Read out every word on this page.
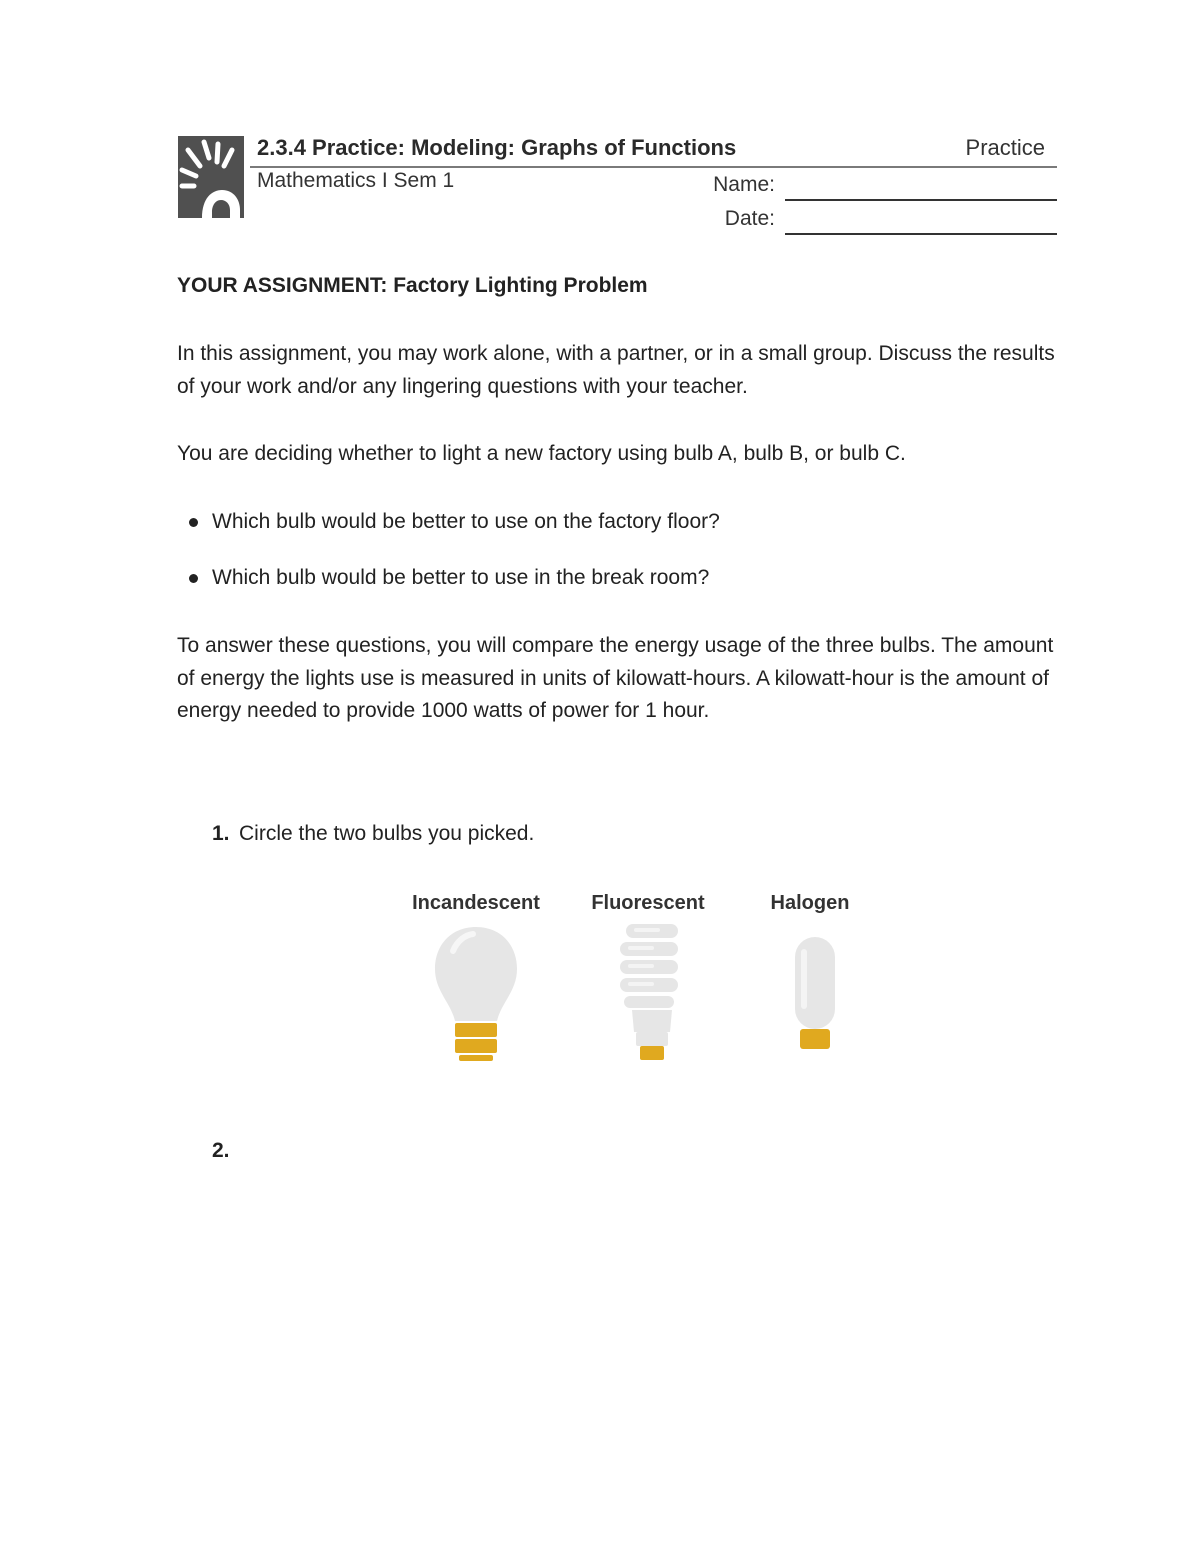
2.3.4 Practice: Modeling: Graphs of Functions	Practice
Mathematics I Sem 1	Name:
Date:
YOUR ASSIGNMENT: Factory Lighting Problem
In this assignment, you may work alone, with a partner, or in a small group. Discuss the results of your work and/or any lingering questions with your teacher.
You are deciding whether to light a new factory using bulb A, bulb B, or bulb C.
Which bulb would be better to use on the factory floor?
Which bulb would be better to use in the break room?
To answer these questions, you will compare the energy usage of the three bulbs. The amount of energy the lights use is measured in units of kilowatt-hours. A kilowatt-hour is the amount of energy needed to provide 1000 watts of power for 1 hour.
1. Circle the two bulbs you picked.
Incandescent	Fluorescent	Halogen
2.
